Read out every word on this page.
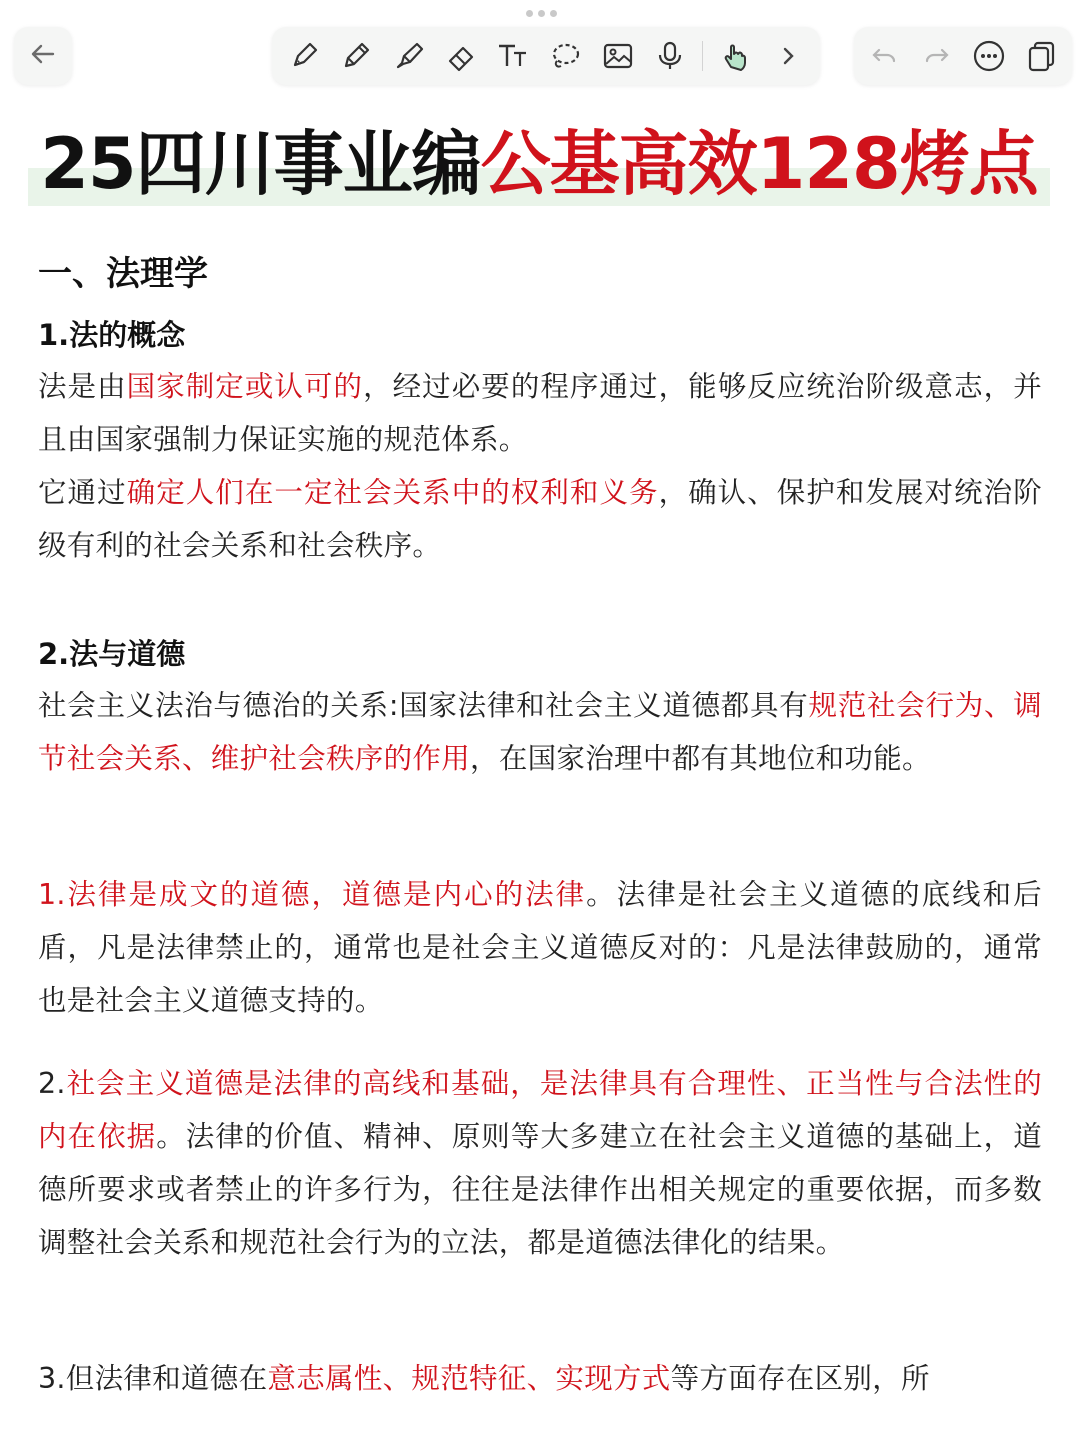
25四川事业编公基高效128烤点
一、法理学
1.法的概念
法是由国家制定或认可的，经过必要的程序通过，能够反应统治阶级意志，并且由国家强制力保证实施的规范体系。
它通过确定人们在一定社会关系中的权利和义务，确认、保护和发展对统治阶级有利的社会关系和社会秩序。
2.法与道德
社会主义法治与德治的关系:国家法律和社会主义道德都具有规范社会行为、调节社会关系、维护社会秩序的作用，在国家治理中都有其地位和功能。
1.法律是成文的道德，道德是内心的法律。法律是社会主义道德的底线和后盾，凡是法律禁止的，通常也是社会主义道德反对的：凡是法律鼓励的，通常也是社会主义道德支持的。
2.社会主义道德是法律的高线和基础，是法律具有合理性、正当性与合法性的内在依据。法律的价值、精神、原则等大多建立在社会主义道德的基础上，道德所要求或者禁止的许多行为，往往是法律作出相关规定的重要依据，而多数调整社会关系和规范社会行为的立法，都是道德法律化的结果。
3.但法律和道德在意志属性、规范特征、实现方式等方面存在区别，所
